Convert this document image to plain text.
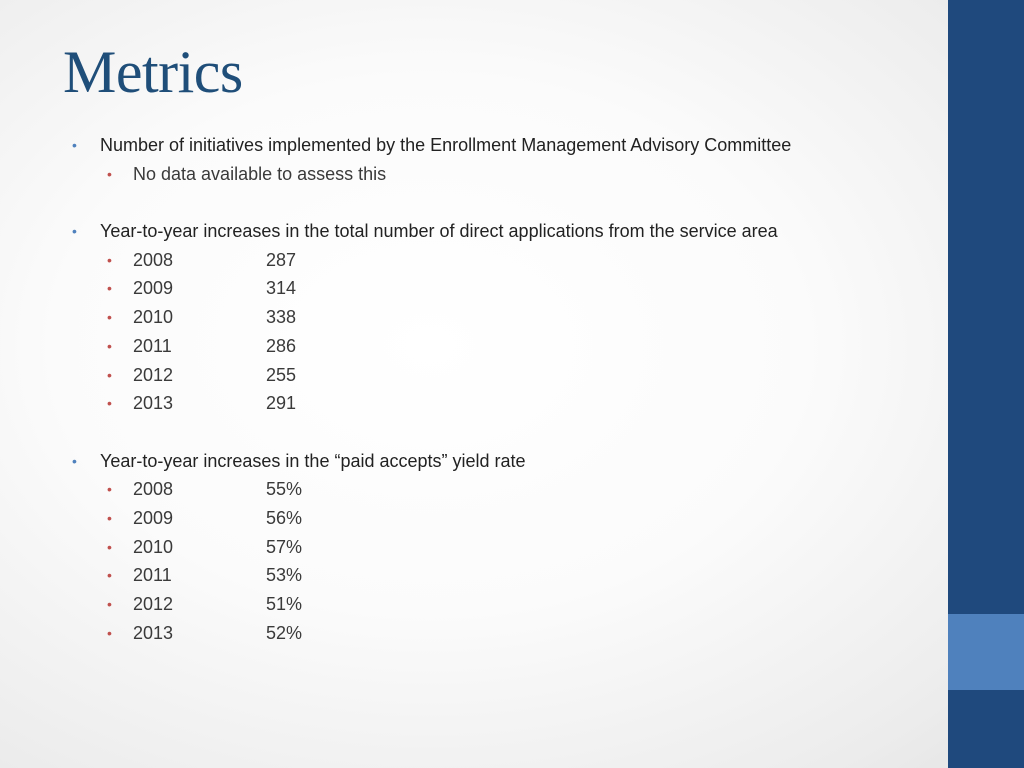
Metrics
• Number of initiatives implemented by the Enrollment Management Advisory Committee
• No data available to assess this
• Year-to-year increases in the total number of direct applications from the service area
• 2008	287
• 2009	314
• 2010	338
• 2011	286
• 2012	255
• 2013	291
• Year-to-year increases in the “paid accepts” yield rate
• 2008	55%
• 2009	56%
• 2010	57%
• 2011	53%
• 2012	51%
• 2013	52%
